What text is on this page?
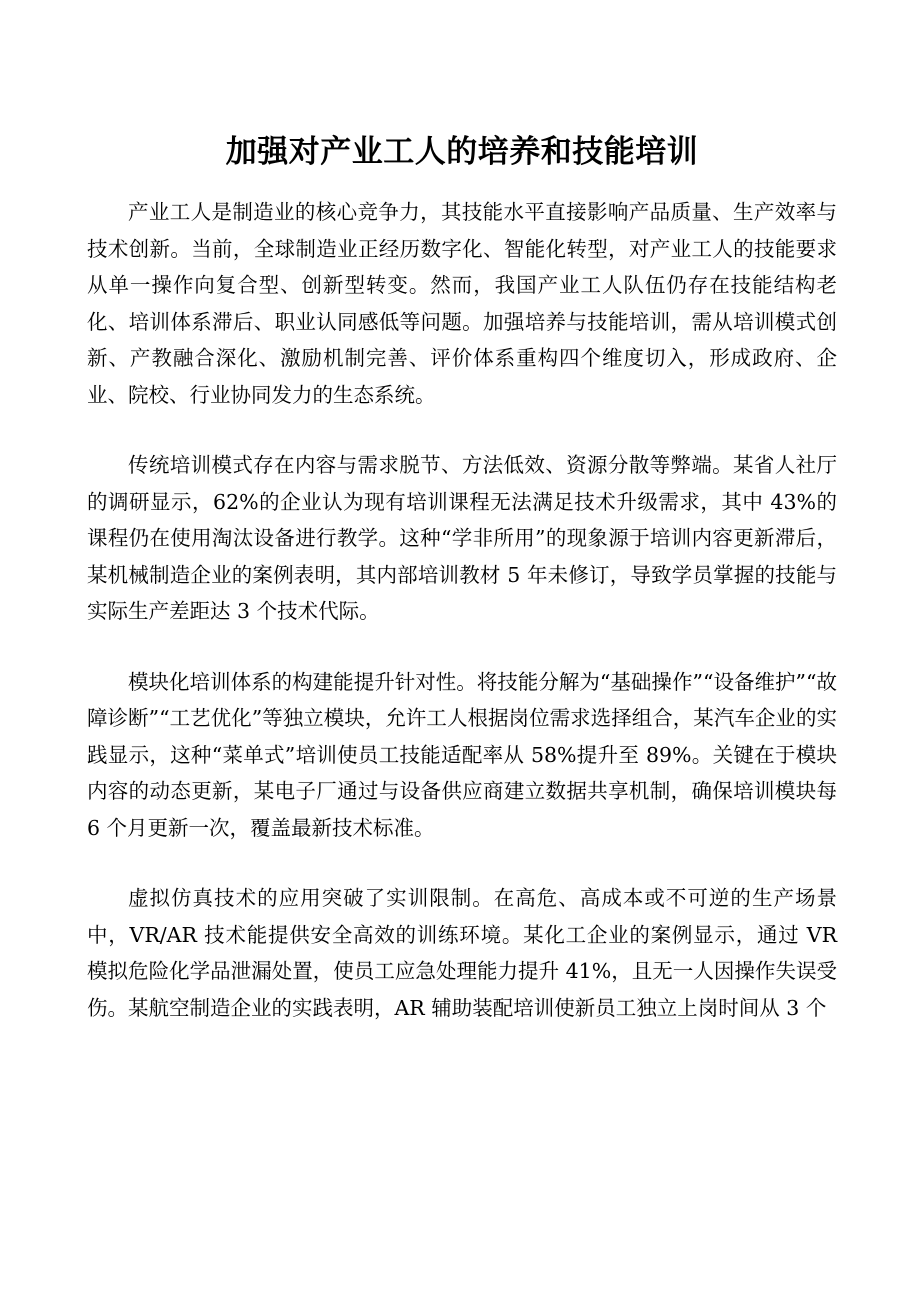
加强对产业工人的培养和技能培训

产业工人是制造业的核心竞争力，其技能水平直接影响产品质量、生产效率与技术创新。当前，全球制造业正经历数字化、智能化转型，对产业工人的技能要求从单一操作向复合型、创新型转变。然而，我国产业工人队伍仍存在技能结构老化、培训体系滞后、职业认同感低等问题。加强培养与技能培训，需从培训模式创新、产教融合深化、激励机制完善、评价体系重构四个维度切入，形成政府、企业、院校、行业协同发力的生态系统。

传统培训模式存在内容与需求脱节、方法低效、资源分散等弊端。某省人社厅的调研显示，62%的企业认为现有培训课程无法满足技术升级需求，其中 43%的课程仍在使用淘汰设备进行教学。这种“学非所用”的现象源于培训内容更新滞后，某机械制造企业的案例表明，其内部培训教材 5 年未修订，导致学员掌握的技能与实际生产差距达 3 个技术代际。

模块化培训体系的构建能提升针对性。将技能分解为“基础操作”“设备维护”“故障诊断”“工艺优化”等独立模块，允许工人根据岗位需求选择组合，某汽车企业的实践显示，这种“菜单式”培训使员工技能适配率从 58%提升至 89%。关键在于模块内容的动态更新，某电子厂通过与设备供应商建立数据共享机制，确保培训模块每 6 个月更新一次，覆盖最新技术标准。

虚拟仿真技术的应用突破了实训限制。在高危、高成本或不可逆的生产场景中，VR/AR 技术能提供安全高效的训练环境。某化工企业的案例显示，通过 VR 模拟危险化学品泄漏处置，使员工应急处理能力提升 41%，且无一人因操作失误受伤。某航空制造企业的实践表明，AR 辅助装配培训使新员工独立上岗时间从 3 个
